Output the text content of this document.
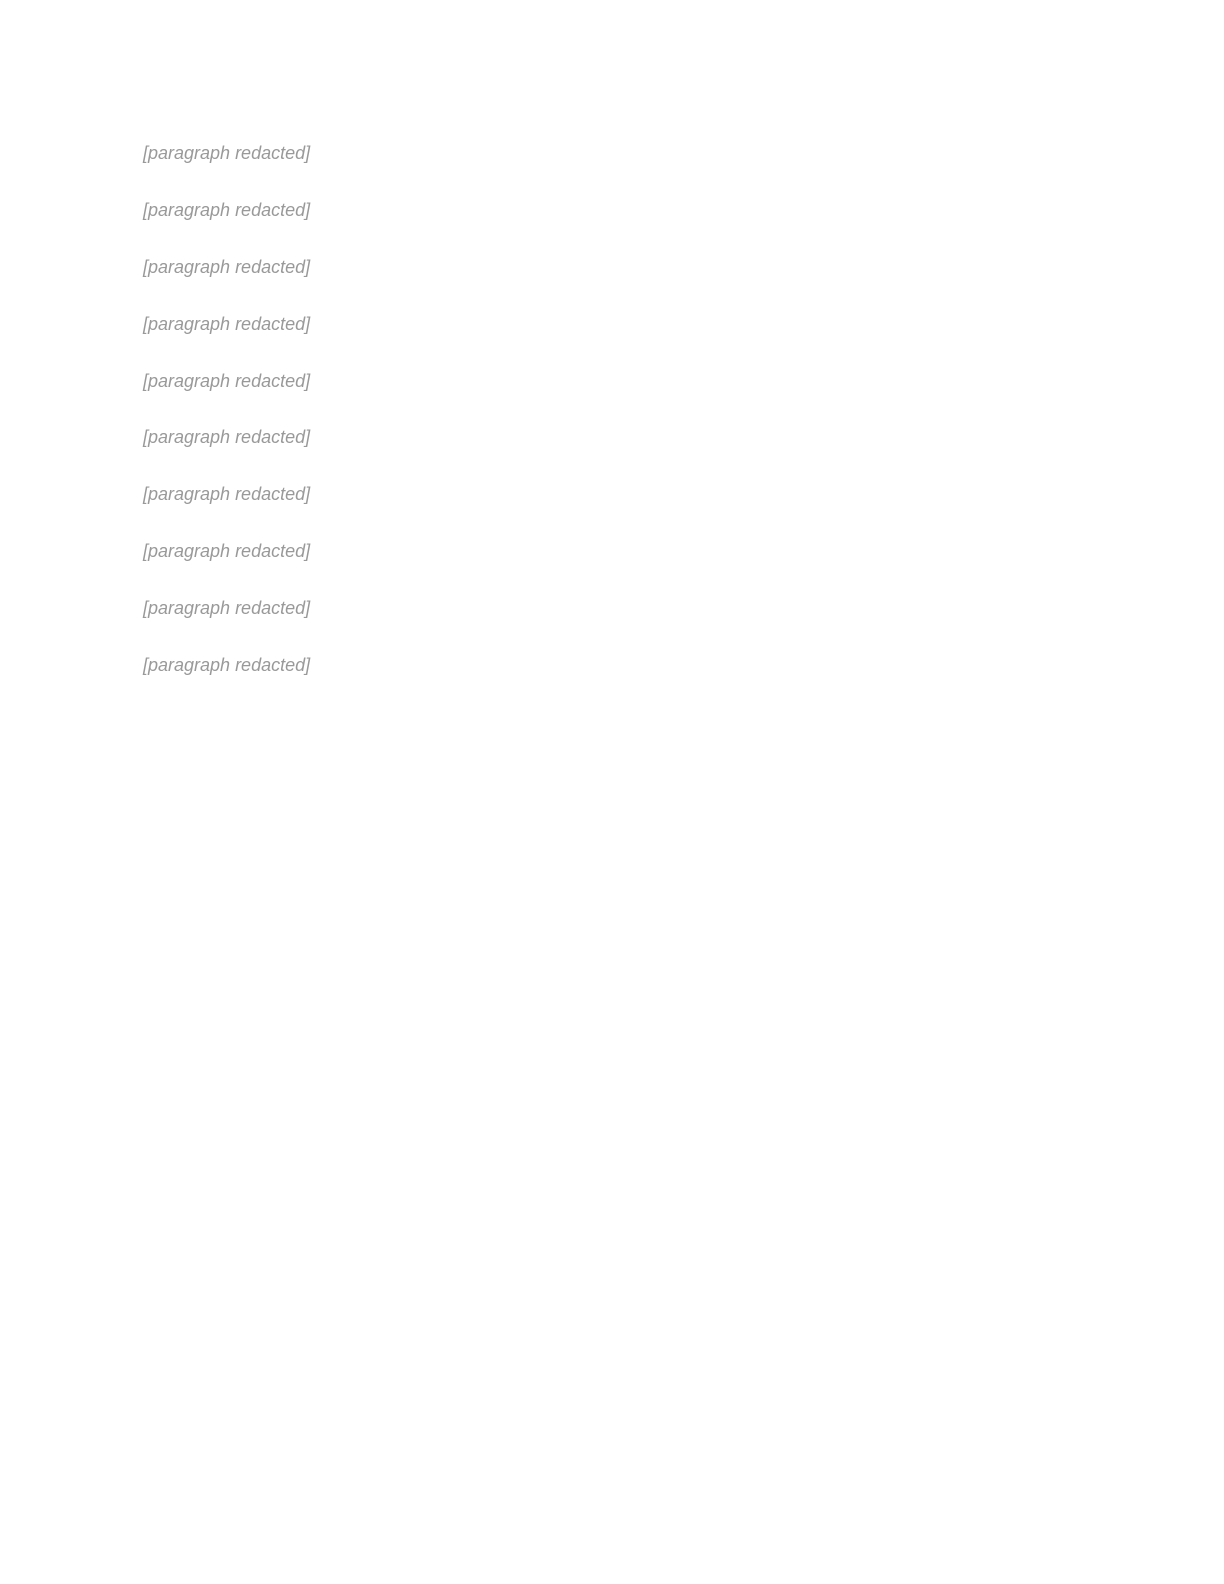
[paragraph redacted]
[paragraph redacted]
[paragraph redacted]
[paragraph redacted]
[paragraph redacted]
[paragraph redacted]
[paragraph redacted]
[paragraph redacted]
[paragraph redacted]
[paragraph redacted]
